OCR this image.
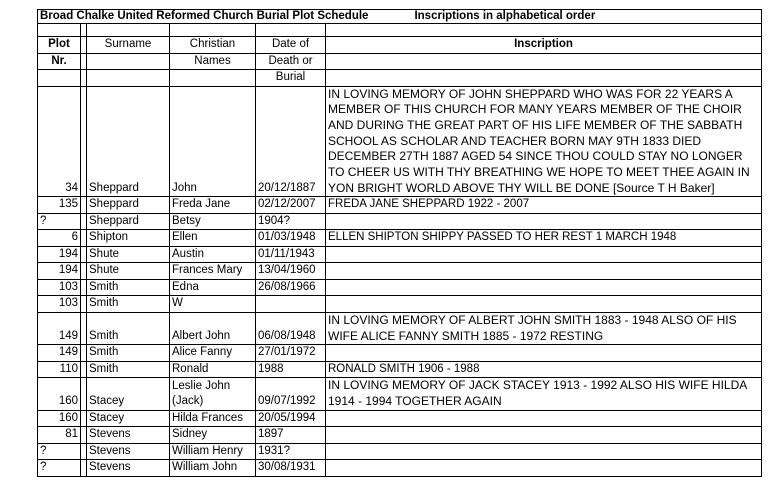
Broad Chalke United Reformed Church Burial Plot Schedule Inscriptions in alphabetical order					

Plot		Surname	Christian	Date of	Inscription
Nr.			Names	Death or	
				Burial	
34		Sheppard	John	20/12/1887	IN LOVING MEMORY OF JOHN SHEPPARD WHO WAS FOR 22 YEARS A MEMBER OF THIS CHURCH FOR MANY YEARS MEMBER OF THE CHOIR AND DURING THE GREAT PART OF HIS LIFE MEMBER OF THE SABBATH SCHOOL AS SCHOLAR AND TEACHER BORN MAY 9TH 1833 DIED DECEMBER 27TH 1887 AGED 54 SINCE THOU COULD STAY NO LONGER TO CHEER US WITH THY BREATHING WE HOPE TO MEET THEE AGAIN IN YON BRIGHT WORLD ABOVE THY WILL BE DONE [Source T H Baker]
135		Sheppard	Freda Jane	02/12/2007	FREDA JANE SHEPPARD 1922 - 2007
?		Sheppard	Betsy	1904?	
6		Shipton	Ellen	01/03/1948	ELLEN SHIPTON SHIPPY PASSED TO HER REST 1 MARCH 1948
194		Shute	Austin	01/11/1943	
194		Shute	Frances Mary	13/04/1960	
103		Smith	Edna	26/08/1966	
103		Smith	W		
149		Smith	Albert John	06/08/1948	IN LOVING MEMORY OF ALBERT JOHN SMITH 1883 - 1948 ALSO OF HIS WIFE ALICE FANNY SMITH 1885 - 1972 RESTING
149		Smith	Alice Fanny	27/01/1972	
110		Smith	Ronald	1988	RONALD SMITH 1906 - 1988
160		Stacey	Leslie John (Jack)	09/07/1992	IN LOVING MEMORY OF JACK STACEY 1913 - 1992 ALSO HIS WIFE HILDA 1914 - 1994 TOGETHER AGAIN
160		Stacey	Hilda Frances	20/05/1994	
81		Stevens	Sidney	1897	
?		Stevens	William Henry	1931?	
?		Stevens	William John	30/08/1931	
